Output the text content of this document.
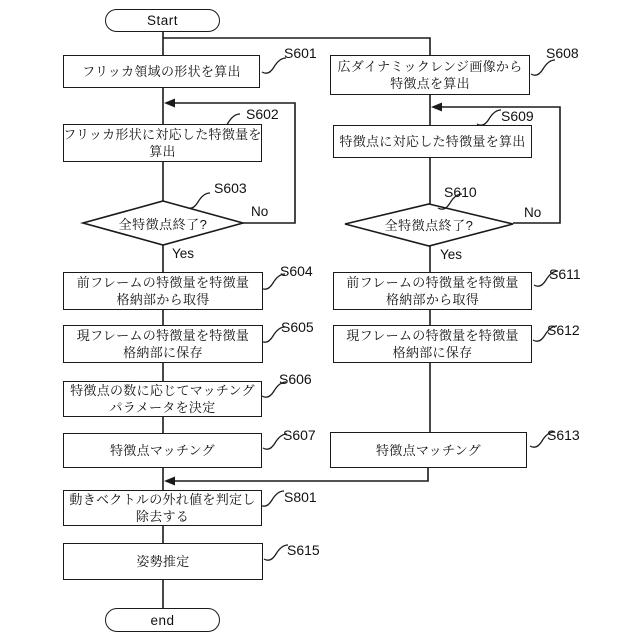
Start
end
フリッカ領域の形状を算出
フリッカ形状に対応した特徴量を
算出
前フレームの特徴量を特徴量
格納部から取得
現フレームの特徴量を特徴量
格納部に保存
特徴点の数に応じてマッチング
パラメータを決定
特徴点マッチング
動きベクトルの外れ値を判定し
除去する
姿勢推定
広ダイナミックレンジ画像から
特徴点を算出
特徴点に対応した特徴量を算出
前フレームの特徴量を特徴量
格納部から取得
現フレームの特徴量を特徴量
格納部に保存
特徴点マッチング
全特徴点終了?	全特徴点終了?
S601
S602
S603
S604
S605
S606
S607
S801
S615
S608
S609
S610
S611
S612
S613
Yes
No
Yes
No
